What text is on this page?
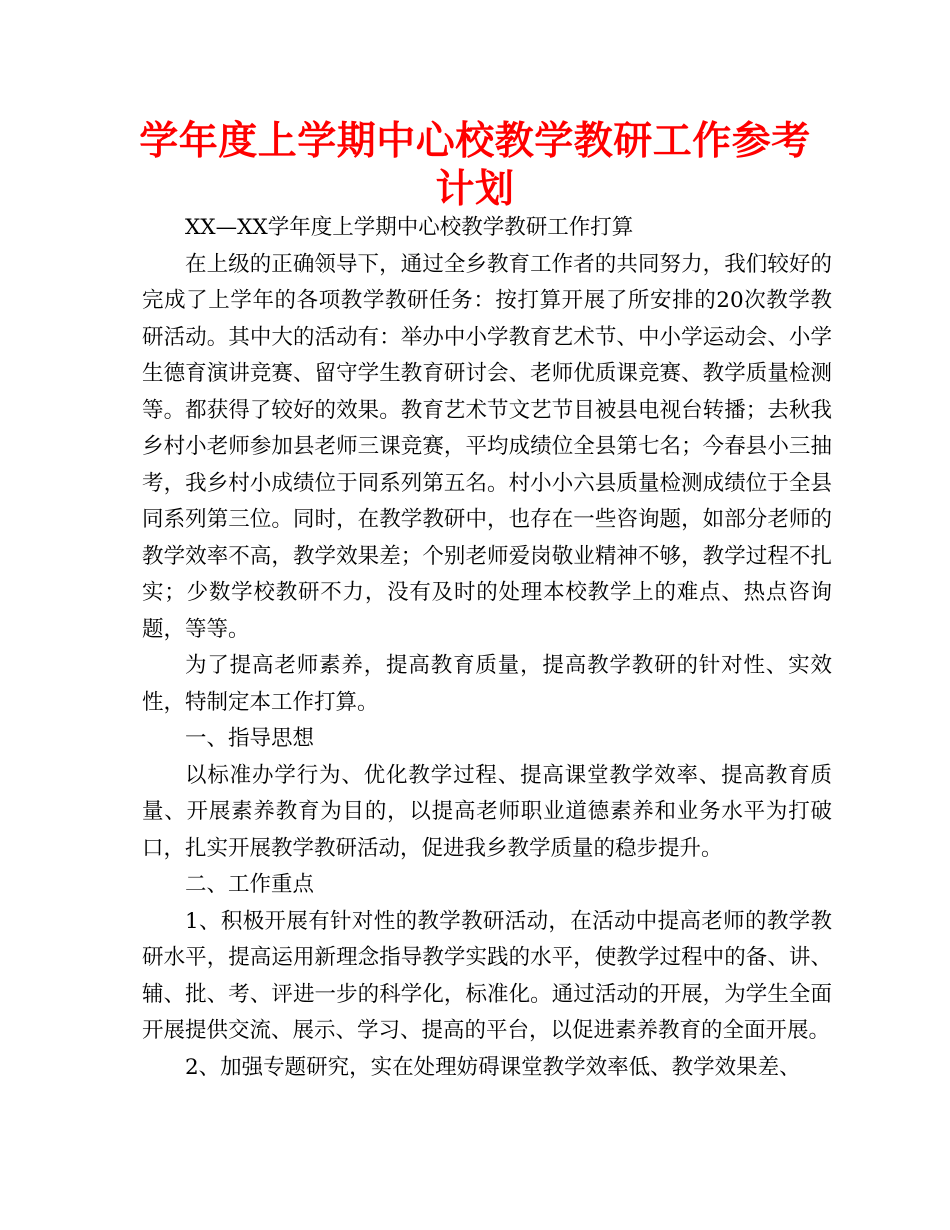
学年度上学期中心校教学教研工作参考计划

XX—XX学年度上学期中心校教学教研工作打算

在上级的正确领导下，通过全乡教育工作者的共同努力，我们较好的完成了上学年的各项教学教研任务：按打算开展了所安排的20次教学教研活动。其中大的活动有：举办中小学教育艺术节、中小学运动会、小学生德育演讲竞赛、留守学生教育研讨会、老师优质课竞赛、教学质量检测等。都获得了较好的效果。教育艺术节文艺节目被县电视台转播；去秋我乡村小老师参加县老师三课竞赛，平均成绩位全县第七名；今春县小三抽考，我乡村小成绩位于同系列第五名。村小小六县质量检测成绩位于全县同系列第三位。同时，在教学教研中，也存在一些咨询题，如部分老师的教学效率不高，教学效果差；个别老师爱岗敬业精神不够，教学过程不扎实；少数学校教研不力，没有及时的处理本校教学上的难点、热点咨询题，等等。

为了提高老师素养，提高教育质量，提高教学教研的针对性、实效性，特制定本工作打算。

一、指导思想

以标准办学行为、优化教学过程、提高课堂教学效率、提高教育质量、开展素养教育为目的，以提高老师职业道德素养和业务水平为打破口，扎实开展教学教研活动，促进我乡教学质量的稳步提升。

二、工作重点

1、积极开展有针对性的教学教研活动，在活动中提高老师的教学教研水平，提高运用新理念指导教学实践的水平，使教学过程中的备、讲、辅、批、考、评进一步的科学化，标准化。通过活动的开展，为学生全面开展提供交流、展示、学习、提高的平台，以促进素养教育的全面开展。

2、加强专题研究，实在处理妨碍课堂教学效率低、教学效果差、
